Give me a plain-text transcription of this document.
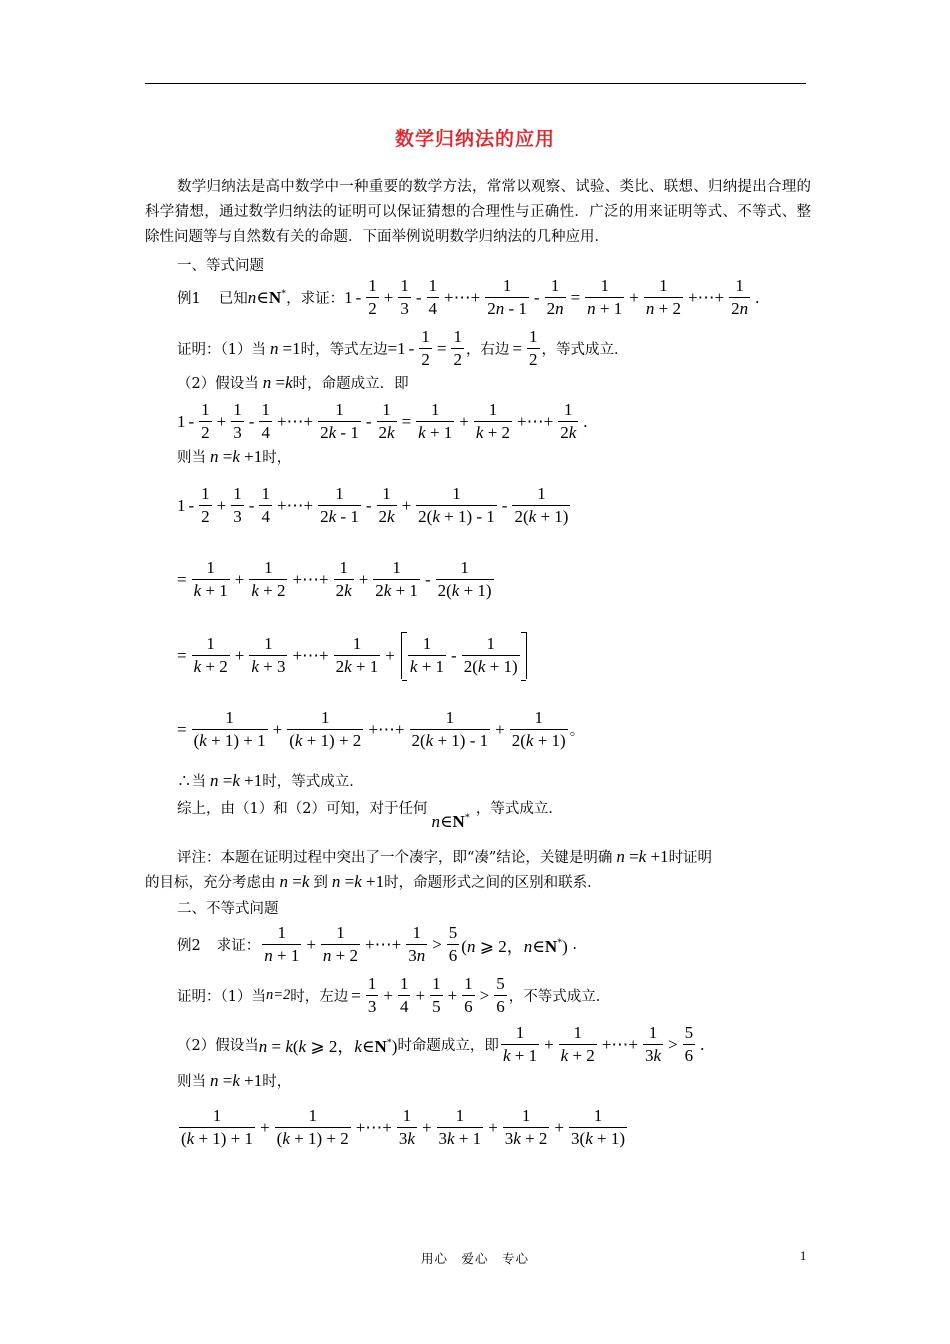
数学归纳法的应用
数学归纳法是高中数学中一种重要的数学方法，常常以观察、试验、类比、联想、归纳提出合理的科学猜想，通过数学归纳法的证明可以保证猜想的合理性与正确性．广泛的用来证明等式、不等式、整除性问题等与自然数有关的命题．下面举例说明数学归纳法的几种应用．
一、等式问题
例1 已知 n ∈N* ，求证： $1 - \frac{1}{2} + \frac{1}{3} - \frac{1}{4}$ +⋯+ $\frac{1}{2n - 1} - \frac{1}{2n} = \frac{1}{n + 1} + \frac{1}{n + 2}$ +⋯+ $\frac{1}{2n}$ .
证明：（1）当 n =1 时，等式左边 $=1 - \frac{1}{2} = \frac{1}{2}$ ，右边 = $\frac{1}{2}$ ，等式成立．
（2）假设当 n = k 时，命题成立．即
$1 - \frac{1}{2} + \frac{1}{3} - \frac{1}{4}$ +⋯+ $\frac{1}{2k - 1} - \frac{1}{2k} = \frac{1}{k + 1} + \frac{1}{k + 2}$ +⋯+ $\frac{1}{2k}$ .
则当 n = k +1 时，
$1 - \frac{1}{2} + \frac{1}{3} - \frac{1}{4}$ +⋯+ $\frac{1}{2k - 1} - \frac{1}{2k} + \frac{1}{2(k + 1) - 1} - \frac{1}{2(k + 1)}$
= $\frac{1}{k + 1} + \frac{1}{k + 2}$ +⋯+ $\frac{1}{2k} + \frac{1}{2k + 1} - \frac{1}{2(k + 1)}$
= $\frac{1}{k + 2} + \frac{1}{k + 3}$ +⋯+ $\frac{1}{2k + 1} + \frac{1}{k + 1} - \frac{1}{2(k + 1)}$
= $\frac{1}{(k + 1) + 1} + \frac{1}{(k + 1) + 2}$ +⋯+ $\frac{1}{2(k + 1) - 1} + \frac{1}{2(k + 1)}$ 。
∴当 n = k +1 时，等式成立．
综上，由（1）和（2）可知，对于任何
n∈N*
，等式成立．
评注：本题在证明过程中突出了一个凑字，即“凑”结论，关键是明确 n = k +1 时证明
的目标，充分考虑由 n = k 到 n = k +1 时，命题形式之间的区别和联系．
二、不等式问题
例2 求证： $\frac{1}{n + 1} + \frac{1}{n + 2}$ +⋯+ $\frac{1}{3n} > \frac{5}{6} (n$ ⩾ 2，n∈N*) .
证明：（1）当 n=2 时，左边 = $\frac{1}{3} + \frac{1}{4} + \frac{1}{5} + \frac{1}{6} > \frac{5}{6}$ ，不等式成立．
（2）假设当 n = k(k ⩾ 2，k∈N*) 时命题成立，即 $\frac{1}{k + 1} + \frac{1}{k + 2}$ +⋯+ $\frac{1}{3k} > \frac{5}{6}$ .
则当 n = k +1 时，
$\frac{1}{(k + 1) + 1} + \frac{1}{(k + 1) + 2}$ +⋯+ $\frac{1}{3k} + \frac{1}{3k + 1} + \frac{1}{3k + 2} + \frac{1}{3(k + 1)}$
用心　爱心　专心	1
